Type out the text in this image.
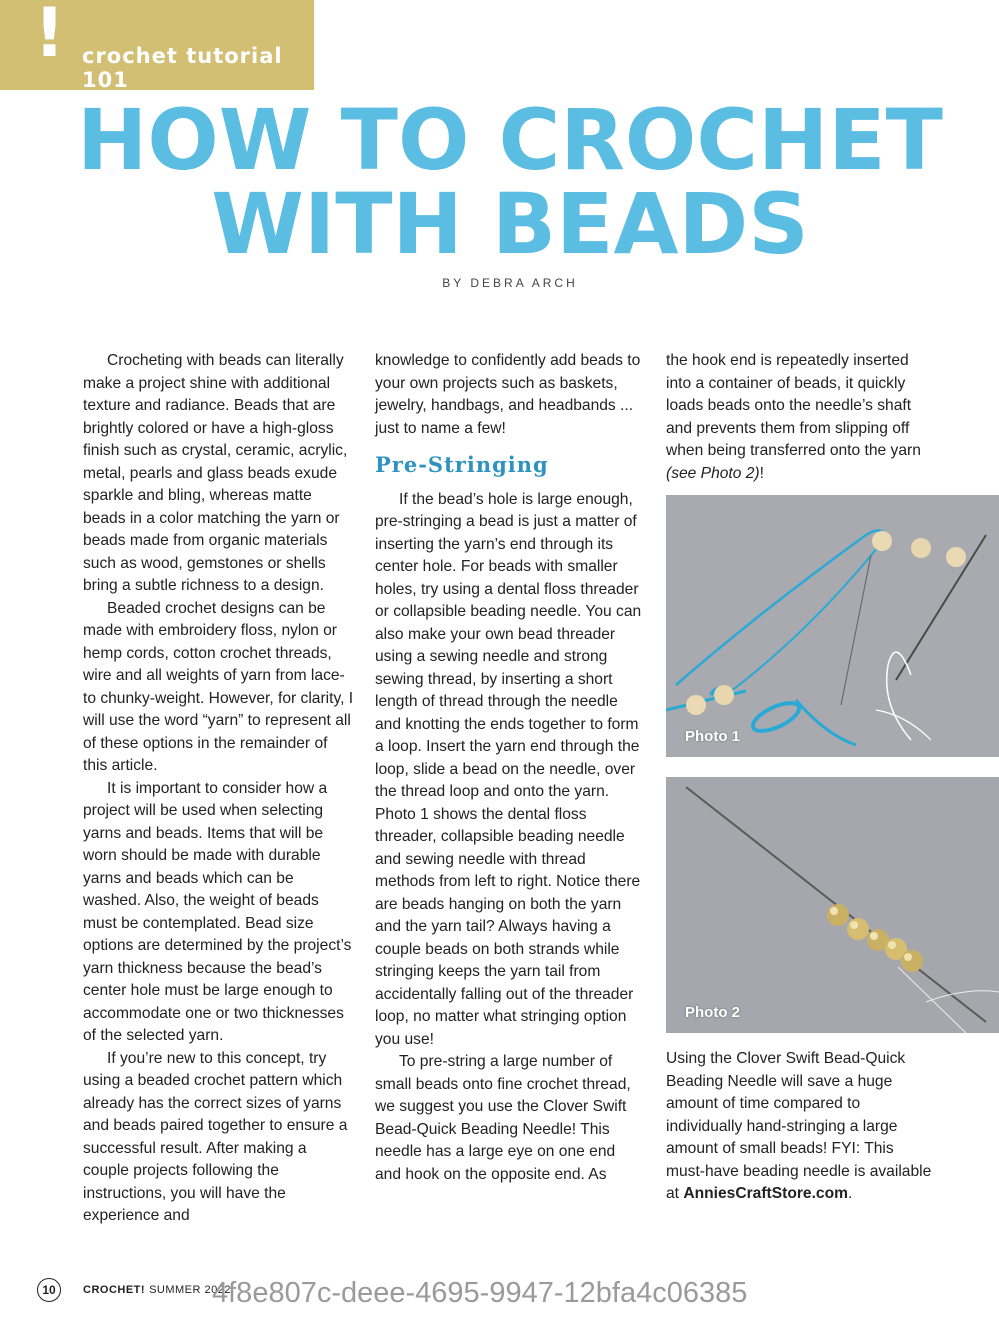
! crochet tutorial 101
HOW TO CROCHET
WITH BEADS
BY DEBRA ARCH

Crocheting with beads can literally make a project shine with additional texture and radiance. Beads that are brightly colored or have a high-gloss finish such as crystal, ceramic, acrylic, metal, pearls and glass beads exude sparkle and bling, whereas matte beads in a color matching the yarn or beads made from organic materials such as wood, gemstones or shells bring a subtle richness to a design.

Beaded crochet designs can be made with embroidery floss, nylon or hemp cords, cotton crochet threads, wire and all weights of yarn from lace- to chunky-weight. However, for clarity, I will use the word “yarn” to represent all of these options in the remainder of this article.

It is important to consider how a project will be used when selecting yarns and beads. Items that will be worn should be made with durable yarns and beads which can be washed. Also, the weight of beads must be contemplated. Bead size options are determined by the project’s yarn thickness because the bead’s center hole must be large enough to accommodate one or two thicknesses of the selected yarn.

If you’re new to this concept, try using a beaded crochet pattern which already has the correct sizes of yarns and beads paired together to ensure a successful result. After making a couple projects following the instructions, you will have the experience and

knowledge to confidently add beads to your own projects such as baskets, jewelry, handbags, and headbands ... just to name a few!

Pre-Stringing

If the bead’s hole is large enough, pre-stringing a bead is just a matter of inserting the yarn’s end through its center hole. For beads with smaller holes, try using a dental floss threader or collapsible beading needle. You can also make your own bead threader using a sewing needle and strong sewing thread, by inserting a short length of thread through the needle and knotting the ends together to form a loop. Insert the yarn end through the loop, slide a bead on the needle, over the thread loop and onto the yarn. Photo 1 shows the dental floss threader, collapsible beading needle and sewing needle with thread methods from left to right. Notice there are beads hanging on both the yarn and the yarn tail? Always having a couple beads on both strands while stringing keeps the yarn tail from accidentally falling out of the threader loop, no matter what stringing option you use!

To pre-string a large number of small beads onto fine crochet thread, we suggest you use the Clover Swift Bead-Quick Beading Needle! This needle has a large eye on one end and hook on the opposite end. As

the hook end is repeatedly inserted into a container of beads, it quickly loads beads onto the needle’s shaft and prevents them from slipping off when being transferred onto the yarn (see Photo 2)!

Photo 1
Photo 2

Using the Clover Swift Bead-Quick Beading Needle will save a huge amount of time compared to individually hand-stringing a large amount of small beads! FYI: This must-have beading needle is available at AnniesCraftStore.com.

10	CROCHET! SUMMER 2022
4f8e807c-deee-4695-9947-12bfa4c06385
